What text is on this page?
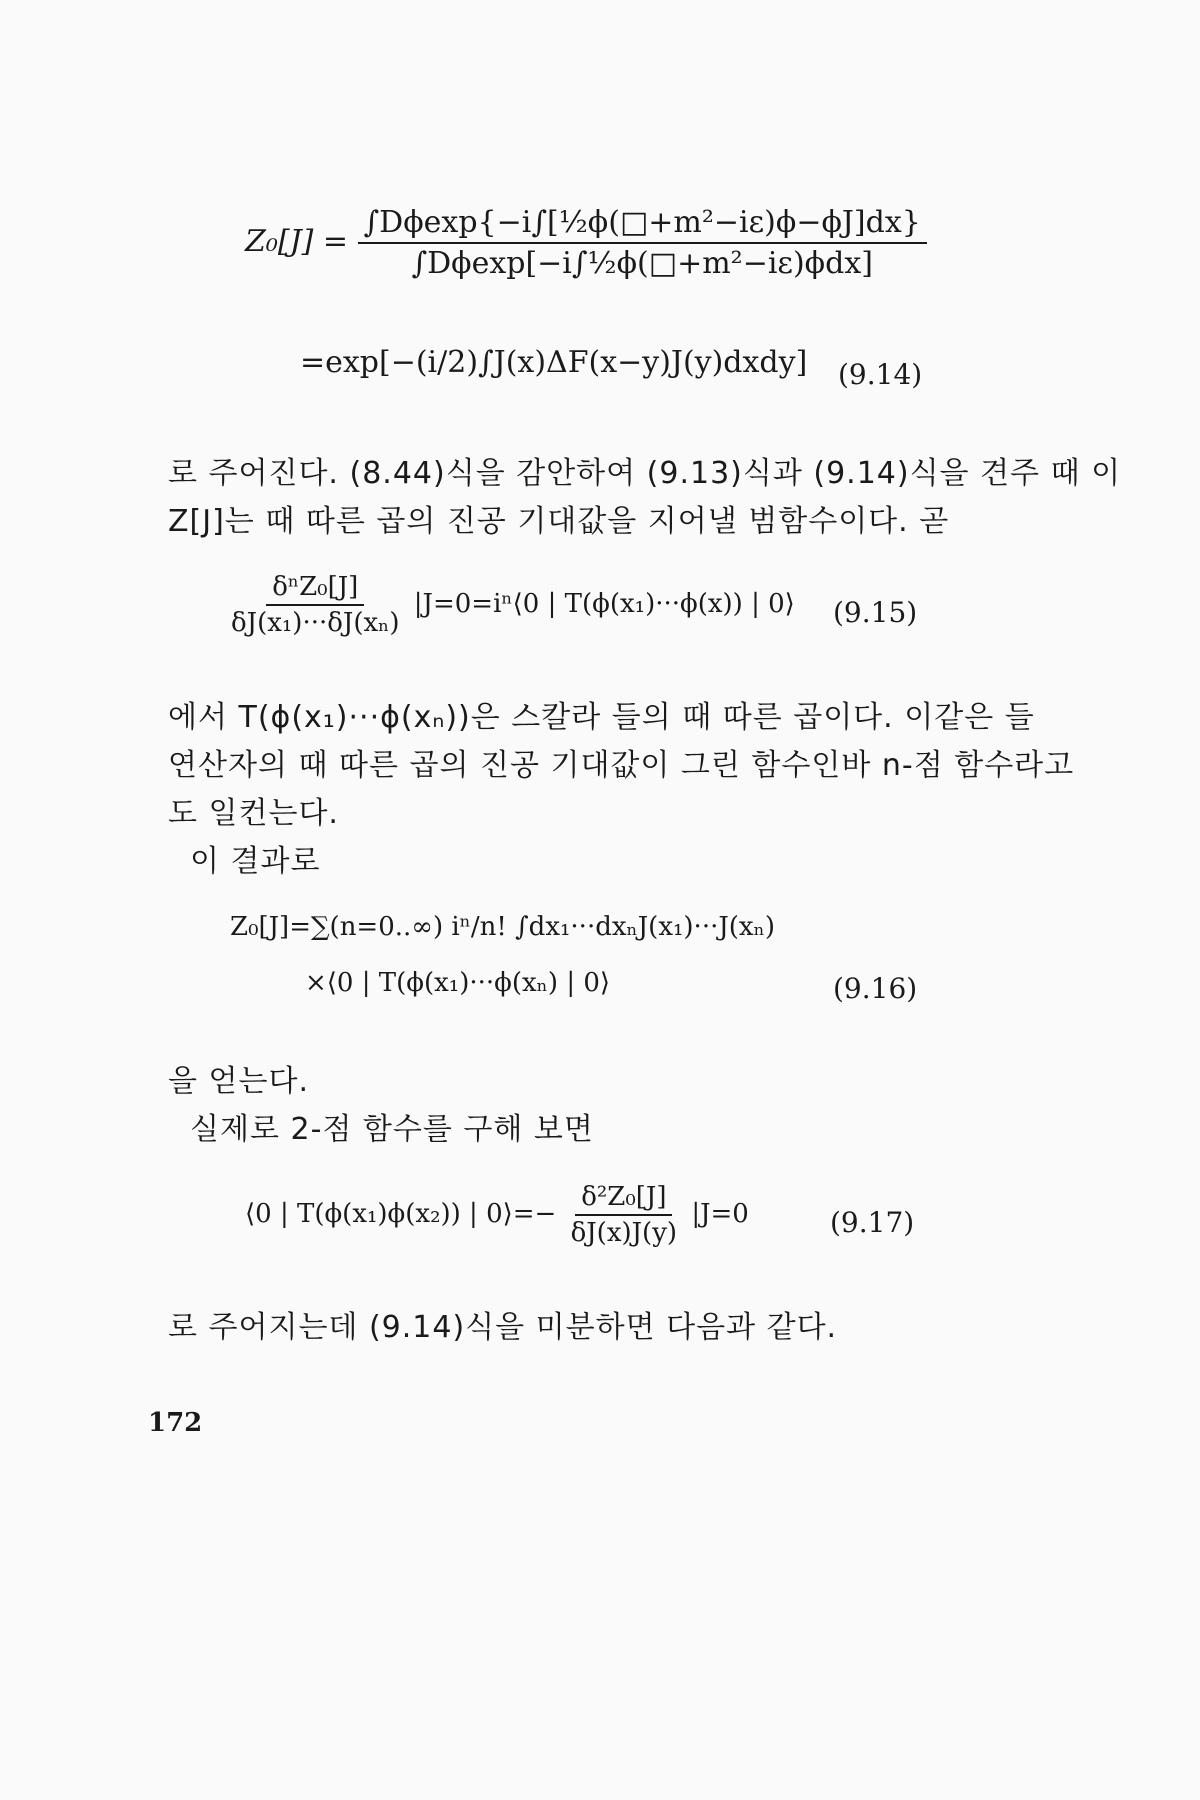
$Z_0[J] = \frac{\text{∫Dϕexp\{−i∫[½ϕ(□+m²−iε)ϕ−ϕJ]dx\}}}{\text{∫Dϕexp[−i∫½ϕ(□+m²−iε)ϕdx]}}$
=exp[−(i/2)∫J(x)ΔF(x−y)J(y)dxdy] (9.14)
로 주어진다. (8.44)식을 감안하여 (9.13)식과 (9.14)식을 견주 때 이
Z[J]는 때 따른 곱의 진공 기대값을 지어낼 범함수이다. 곧
$\frac{\text{δⁿZ₀[J]}}{\text{δJ(x₁)···δJ(xₙ)}}$ |J=0=iⁿ⟨0 | T(ϕ(x₁)···ϕ(x)) | 0⟩ (9.15)
에서 T(ϕ(x₁)···ϕ(xₙ))은 스칼라 들의 때 따른 곱이다. 이같은 들
연산자의 때 따른 곱의 진공 기대값이 그린 함수인바 n-점 함수라고
도 일컨는다.
이 결과로
Z₀[J]=∑(n=0..∞) iⁿ/n! ∫dx₁···dxₙJ(x₁)···J(xₙ)
×⟨0 | T(ϕ(x₁)···ϕ(xₙ) | 0⟩	(9.16)
을 얻는다.
실제로 2-점 함수를 구해 보면
⟨0 | T(ϕ(x₁)ϕ(x₂)) | 0⟩=− $\frac{\text{δ²Z₀[J]}}{\delta J(x)J(y)} |J=0$	(9.17)
로 주어지는데 (9.14)식을 미분하면 다음과 같다.
172
